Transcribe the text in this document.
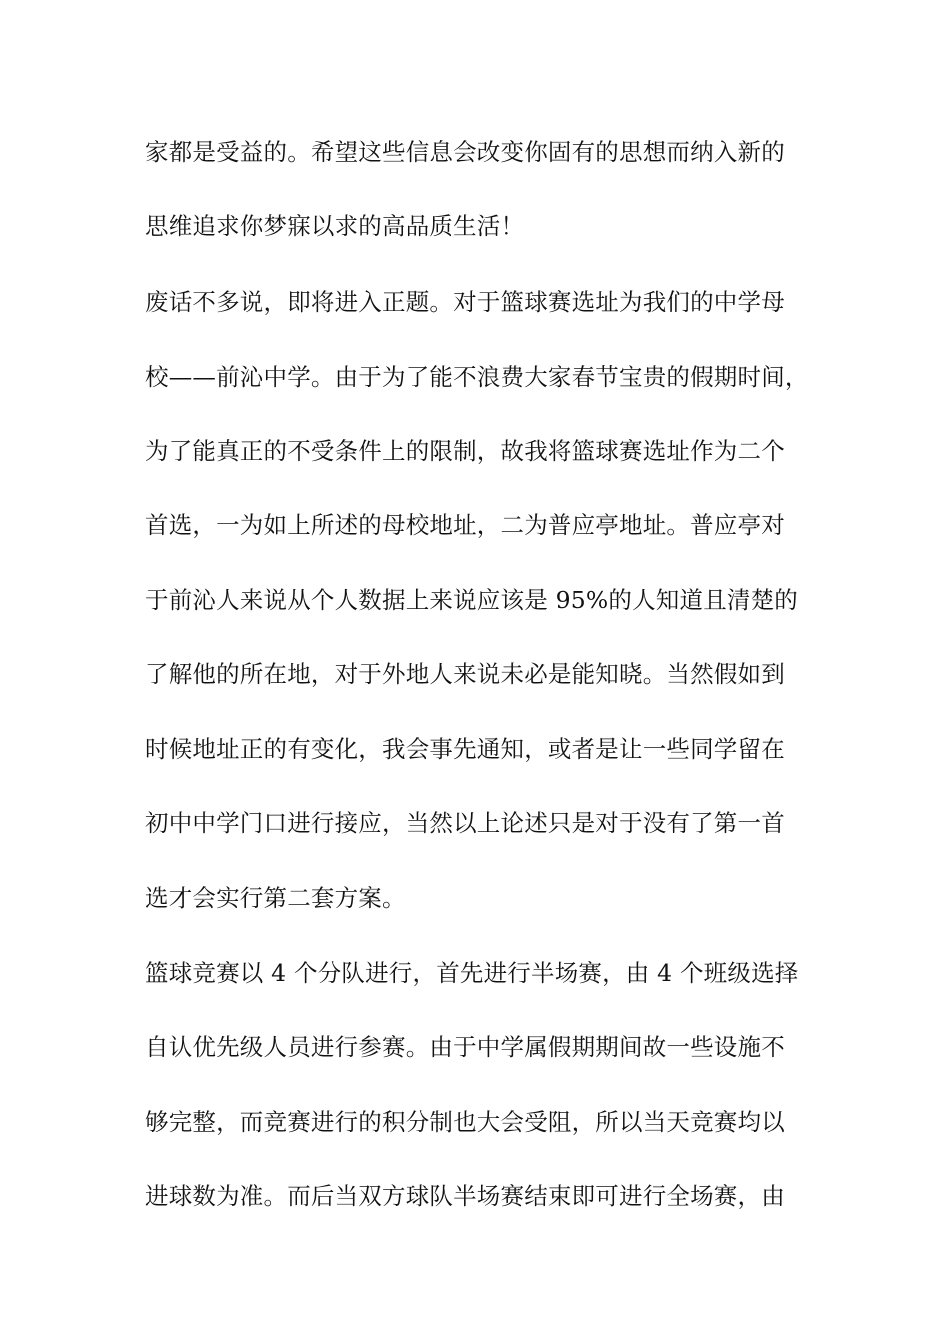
家都是受益的。希望这些信息会改变你固有的思想而纳入新的
思维追求你梦寐以求的高品质生活！
废话不多说，即将进入正题。对于篮球赛选址为我们的中学母
校——前沁中学。由于为了能不浪费大家春节宝贵的假期时间，
为了能真正的不受条件上的限制，故我将篮球赛选址作为二个
首选，一为如上所述的母校地址，二为普应亭地址。普应亭对
于前沁人来说从个人数据上来说应该是 95%的人知道且清楚的
了解他的所在地，对于外地人来说未必是能知晓。当然假如到
时候地址正的有变化，我会事先通知，或者是让一些同学留在
初中中学门口进行接应，当然以上论述只是对于没有了第一首
选才会实行第二套方案。
篮球竞赛以 4 个分队进行，首先进行半场赛，由 4 个班级选择
自认优先级人员进行参赛。由于中学属假期期间故一些设施不
够完整，而竞赛进行的积分制也大会受阻，所以当天竞赛均以
进球数为准。而后当双方球队半场赛结束即可进行全场赛，由
